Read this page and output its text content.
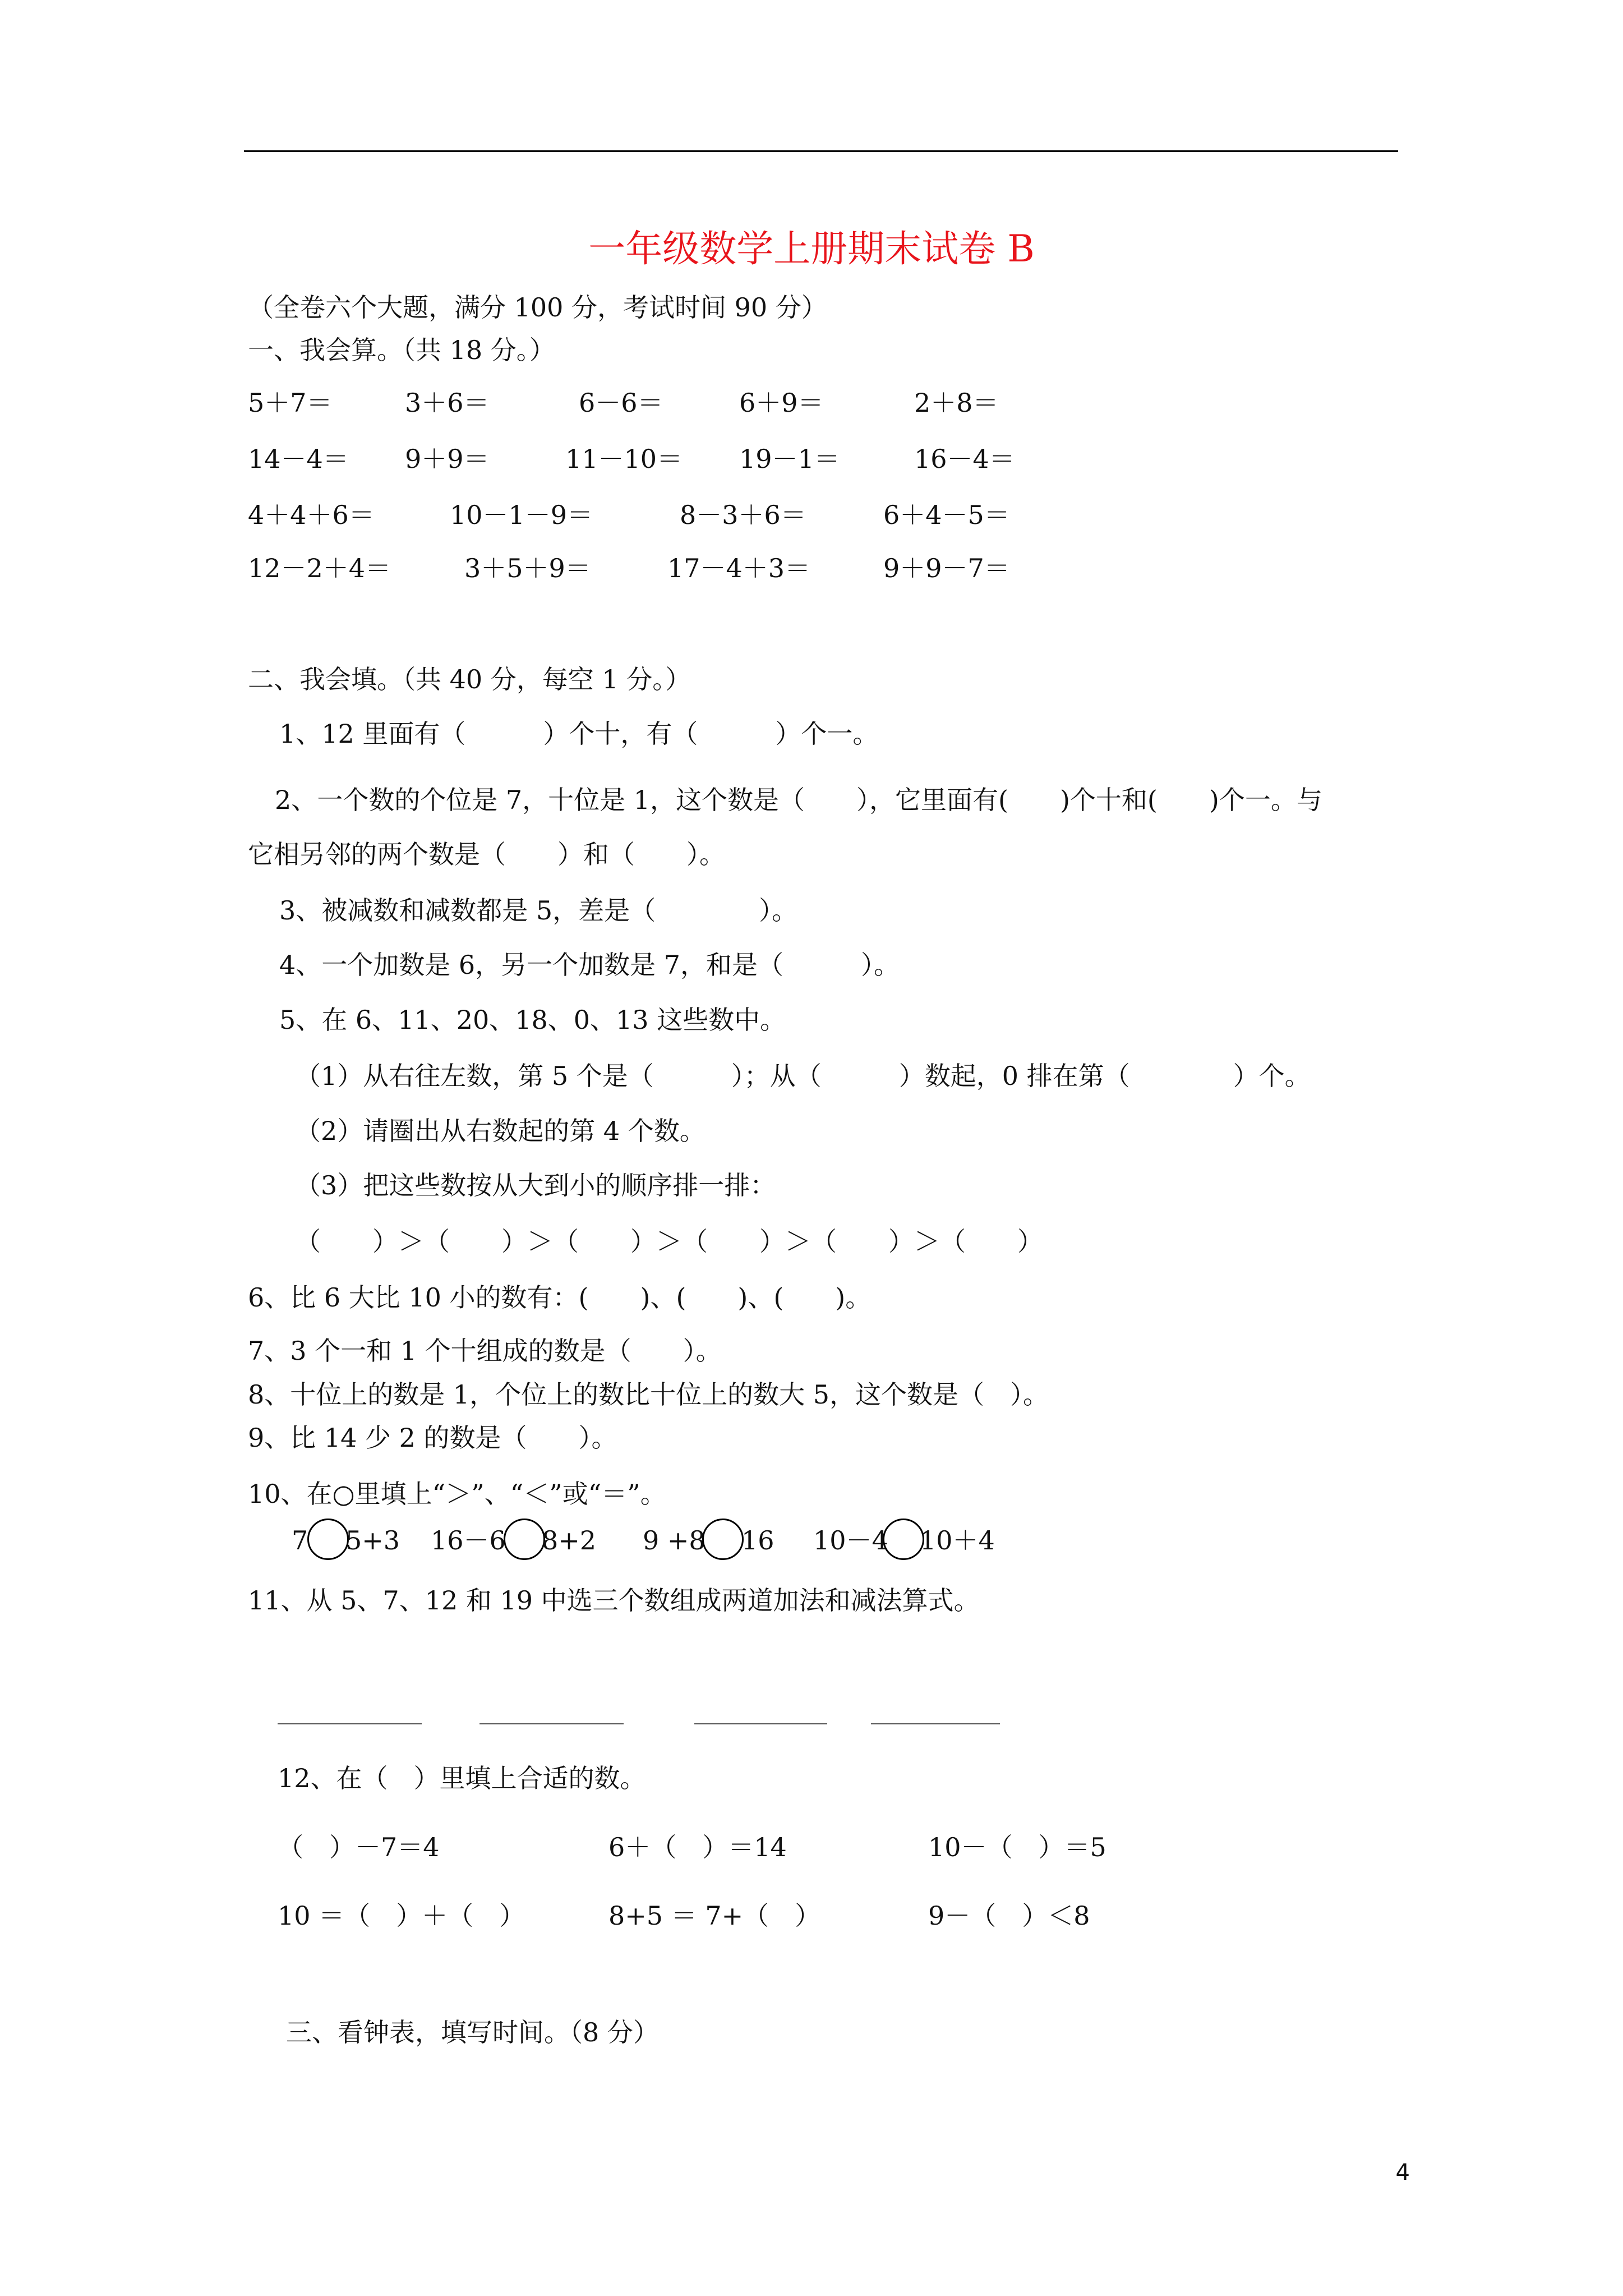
一年级数学上册期末试卷 B
（全卷六个大题，满分 100 分，考试时间 90 分）
一、我会算。（共 18 分。）
5＋7＝	3＋6＝	6－6＝	6＋9＝	2＋8＝
14－4＝ 9＋9＝	11－10＝ 19－1＝	16－4＝
4＋4＋6＝	10－1－9＝	8－3＋6＝	6＋4－5＝
12－2＋4＝	3＋5＋9＝	17－4＋3＝	9＋9－7＝
二、我会填。（共 40 分，每空 1 分。）
1、12 里面有（　　　）个十，有（　　　）个一。
2、一个数的个位是 7，十位是 1，这个数是（　　），它里面有(　　)个十和(　　)个一。与
它相另邻的两个数是（　　）和（　　）。
3、被减数和减数都是 5，差是（　　　　）。
4、一个加数是 6，另一个加数是 7，和是（　　　）。
5、在 6、11、20、18、0、13 这些数中。
（1）从右往左数，第 5 个是（　　　）；从（　　　）数起，0 排在第（　　　　）个。
（2）请圈出从右数起的第 4 个数。
（3）把这些数按从大到小的顺序排一排：
（　　）＞（　　）＞（　　）＞（　　）＞（　　）＞（　　）
6、比 6 大比 10 小的数有：(　　)、(　　)、(　　)。
7、3 个一和 1 个十组成的数是（　　）。
8、十位上的数是 1，个位上的数比十位上的数大 5，这个数是（　）。
9、比 14 少 2 的数是（　　）。
10、在○里填上“＞”、“＜”或“＝”。
7 5+3 16－6 8+2 9 +8 16 10－4 10＋4
11、从 5、7、12 和 19 中选三个数组成两道加法和减法算式。
12、在（　）里填上合适的数。
（　）－7＝4	6＋（　）＝14	10－（　）＝5
10 ＝（　）＋（　）	8+5 ＝ 7+（　）	9－（　）＜8
三、看钟表，填写时间。（8 分）
4
